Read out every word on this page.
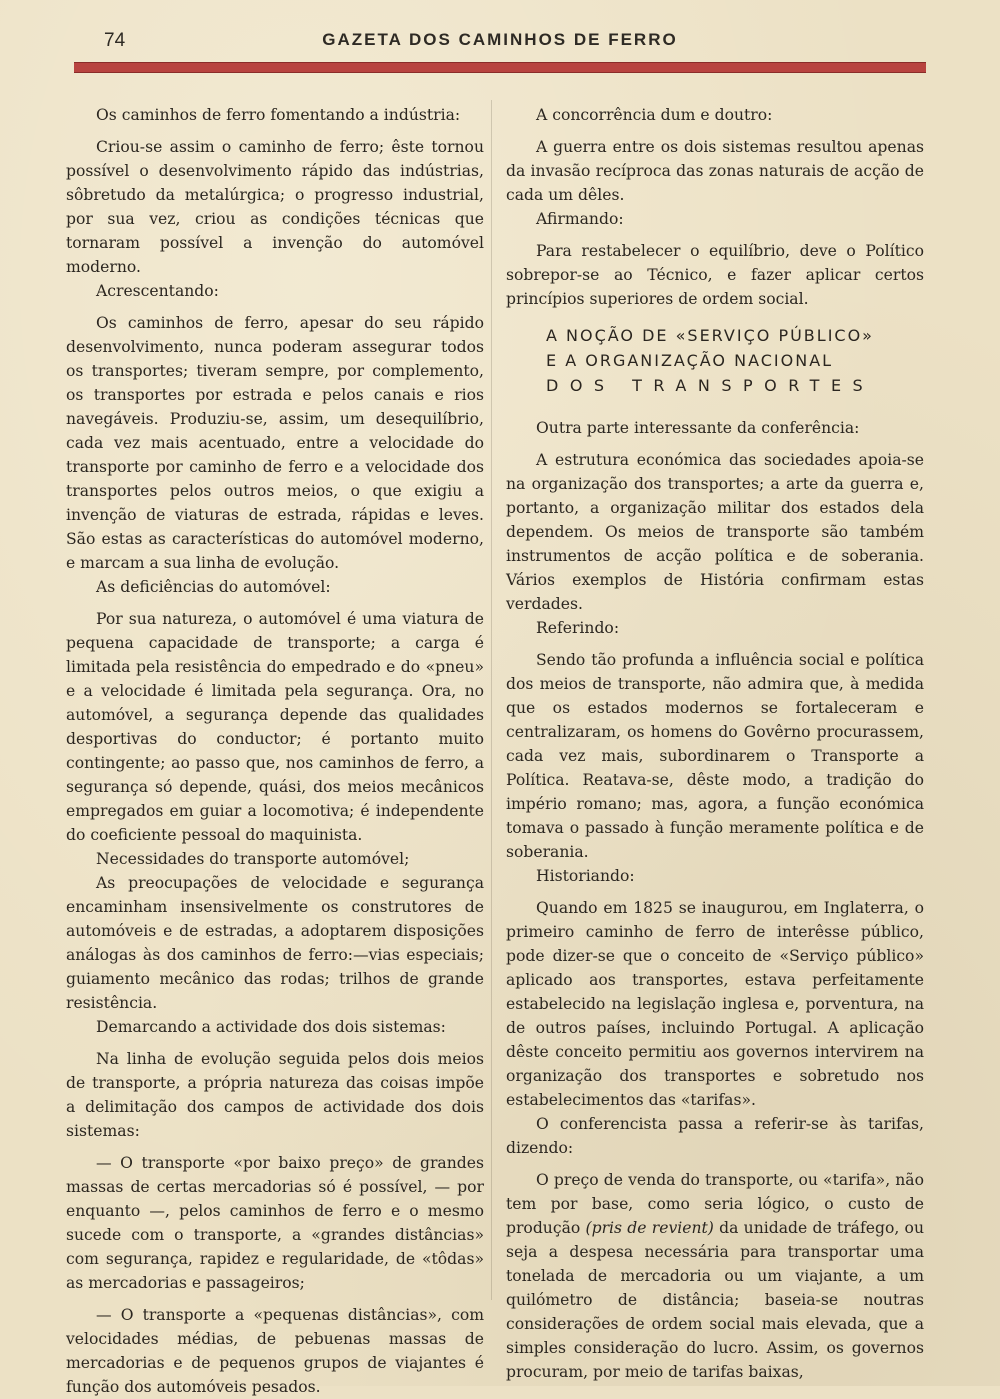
74	GAZETA DOS CAMINHOS DE FERRO

Os caminhos de ferro fomentando a indústria:

Criou-se assim o caminho de ferro; êste tornou possível o desenvolvimento rápido das indústrias, sôbretudo da metalúrgica; o progresso industrial, por sua vez, criou as condições técnicas que tornaram possível a invenção do automóvel moderno.

Acrescentando:

Os caminhos de ferro, apesar do seu rápido desenvolvimento, nunca poderam assegurar todos os transportes; tiveram sempre, por complemento, os transportes por estrada e pelos canais e rios navegáveis. Produziu-se, assim, um desequilíbrio, cada vez mais acentuado, entre a velocidade do transporte por caminho de ferro e a velocidade dos transportes pelos outros meios, o que exigiu a invenção de viaturas de estrada, rápidas e leves. São estas as características do automóvel moderno, e marcam a sua linha de evolução.

As deficiências do automóvel:

Por sua natureza, o automóvel é uma viatura de pequena capacidade de transporte; a carga é limitada pela resistência do empedrado e do «pneu» e a velocidade é limitada pela segurança. Ora, no automóvel, a segurança depende das qualidades desportivas do conductor; é portanto muito contingente; ao passo que, nos caminhos de ferro, a segurança só depende, quási, dos meios mecânicos empregados em guiar a locomotiva; é independente do coeficiente pessoal do maquinista.

Necessidades do transporte automóvel;

As preocupações de velocidade e segurança encaminham insensivelmente os construtores de automóveis e de estradas, a adoptarem disposições análogas às dos caminhos de ferro:—vias especiais; guiamento mecânico das rodas; trilhos de grande resistência.

Demarcando a actividade dos dois sistemas:

Na linha de evolução seguida pelos dois meios de transporte, a própria natureza das coisas impõe a delimitação dos campos de actividade dos dois sistemas:

— O transporte «por baixo preço» de grandes massas de certas mercadorias só é possível, — por enquanto —, pelos caminhos de ferro e o mesmo sucede com o transporte, a «grandes distâncias» com segurança, rapidez e regularidade, de «tôdas» as mercadorias e passageiros;

— O transporte a «pequenas distâncias», com velocidades médias, de pebuenas massas de mercadorias e de pequenos grupos de viajantes é função dos automóveis pesados.

A concorrência dum e doutro:

A guerra entre os dois sistemas resultou apenas da invasão recíproca das zonas naturais de acção de cada um dêles.

Afirmando:

Para restabelecer o equilíbrio, deve o Político sobrepor-se ao Técnico, e fazer aplicar certos princípios superiores de ordem social.

A NOÇÃO DE «SERVIÇO PÚBLICO»
E A ORGANIZAÇÃO NACIONAL
DOS TRANSPORTES

Outra parte interessante da conferência:

A estrutura económica das sociedades apoia-se na organização dos transportes; a arte da guerra e, portanto, a organização militar dos estados dela dependem. Os meios de transporte são também instrumentos de acção política e de soberania. Vários exemplos de História confirmam estas verdades.

Referindo:

Sendo tão profunda a influência social e política dos meios de transporte, não admira que, à medida que os estados modernos se fortaleceram e centralizaram, os homens do Govêrno procurassem, cada vez mais, subordinarem o Transporte a Política. Reatava-se, dêste modo, a tradição do império romano; mas, agora, a função económica tomava o passado à função meramente política e de soberania.

Historiando:

Quando em 1825 se inaugurou, em Inglaterra, o primeiro caminho de ferro de interêsse público, pode dizer-se que o conceito de «Serviço público» aplicado aos transportes, estava perfeitamente estabelecido na legislação inglesa e, porventura, na de outros países, incluindo Portugal. A aplicação dêste conceito permitiu aos governos intervirem na organização dos transportes e sobretudo nos estabelecimentos das «tarifas».

O conferencista passa a referir-se às tarifas, dizendo:

O preço de venda do transporte, ou «tarifa», não tem por base, como seria lógico, o custo de produção (pris de revient) da unidade de tráfego, ou seja a despesa necessária para transportar uma tonelada de mercadoria ou um viajante, a um quilómetro de distância; baseia-se noutras considerações de ordem social mais elevada, que a simples consideração do lucro. Assim, os governos procuram, por meio de tarifas baixas,
